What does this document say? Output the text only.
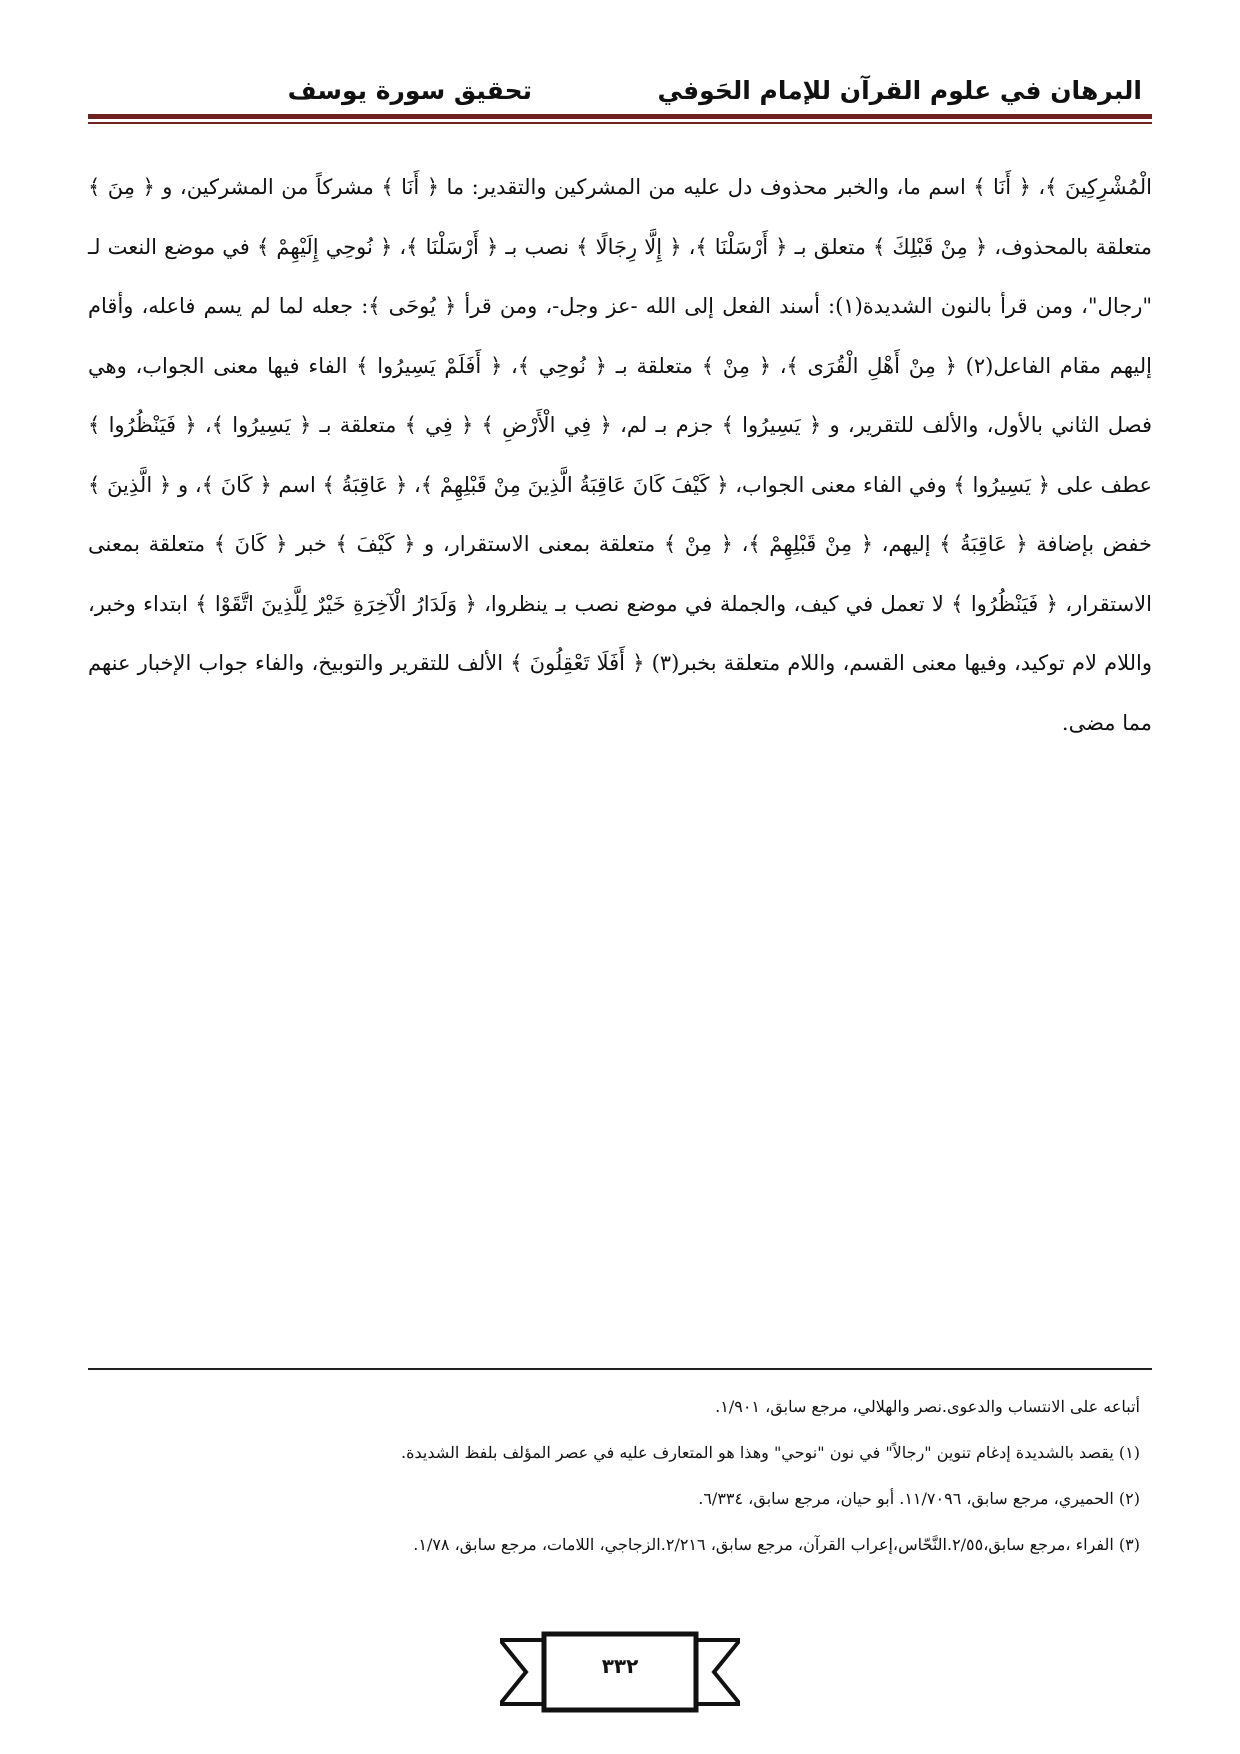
البرهان في علوم القرآن للإمام الحَوفي
تحقيق سورة يوسف

الْمُشْرِكِينَ ﴾، ﴿ أَنَا ﴾ اسم ما، والخبر محذوف دل عليه من المشركين والتقدير: ما ﴿ أَنَا ﴾ مشركاً من المشركين، و ﴿ مِنَ ﴾ متعلقة بالمحذوف، ﴿ مِنْ قَبْلِكَ ﴾ متعلق بـ ﴿ أَرْسَلْنَا ﴾، ﴿ إِلَّا رِجَالًا ﴾ نصب بـ ﴿ أَرْسَلْنَا ﴾، ﴿ نُوحِي إِلَيْهِمْ ﴾ في موضع النعت لـ "رجال"، ومن قرأ بالنون الشديدة(١): أسند الفعل إلى الله -عز وجل-، ومن قرأ ﴿ يُوحَى ﴾: جعله لما لم يسم فاعله، وأقام إليهم مقام الفاعل(٢) ﴿ مِنْ أَهْلِ الْقُرَى ﴾، ﴿ مِنْ ﴾ متعلقة بـ ﴿ نُوحِي ﴾، ﴿ أَفَلَمْ يَسِيرُوا ﴾ الفاء فيها معنى الجواب، وهي فصل الثاني بالأول، والألف للتقرير، و ﴿ يَسِيرُوا ﴾ جزم بـ لم، ﴿ فِي الْأَرْضِ ﴾ ﴿ فِي ﴾ متعلقة بـ ﴿ يَسِيرُوا ﴾، ﴿ فَيَنْظُرُوا ﴾ عطف على ﴿ يَسِيرُوا ﴾ وفي الفاء معنى الجواب، ﴿ كَيْفَ كَانَ عَاقِبَةُ الَّذِينَ مِنْ قَبْلِهِمْ ﴾، ﴿ عَاقِبَةُ ﴾ اسم ﴿ كَانَ ﴾، و ﴿ الَّذِينَ ﴾ خفض بإضافة ﴿ عَاقِبَةُ ﴾ إليهم، ﴿ مِنْ قَبْلِهِمْ ﴾، ﴿ مِنْ ﴾ متعلقة بمعنى الاستقرار، و ﴿ كَيْفَ ﴾ خبر ﴿ كَانَ ﴾ متعلقة بمعنى الاستقرار، ﴿ فَيَنْظُرُوا ﴾ لا تعمل في كيف، والجملة في موضع نصب بـ ينظروا، ﴿ وَلَدَارُ الْآخِرَةِ خَيْرٌ لِلَّذِينَ اتَّقَوْا ﴾ ابتداء وخبر، واللام لام توكيد، وفيها معنى القسم، واللام متعلقة بخبر(٣) ﴿ أَفَلَا تَعْقِلُونَ ﴾ الألف للتقرير والتوبيخ، والفاء جواب الإخبار عنهم مما مضى.

أتباعه على الانتساب والدعوى.نصر والهلالي، مرجع سابق، ١/٩٠١.

(١) يقصد بالشديدة إدغام تنوين "رجالاً" في نون "نوحي" وهذا هو المتعارف عليه في عصر المؤلف بلفظ الشديدة.

(٢) الحميري، مرجع سابق، ١١/٧٠٩٦. أبو حيان، مرجع سابق، ٦/٣٣٤.

(٣) الفراء ،مرجع سابق،٢/٥٥.النَّحّاس،إعراب القرآن، مرجع سابق، ٢/٢١٦.الزجاجي، اللامات، مرجع سابق، ١/٧٨.

٣٣٢
